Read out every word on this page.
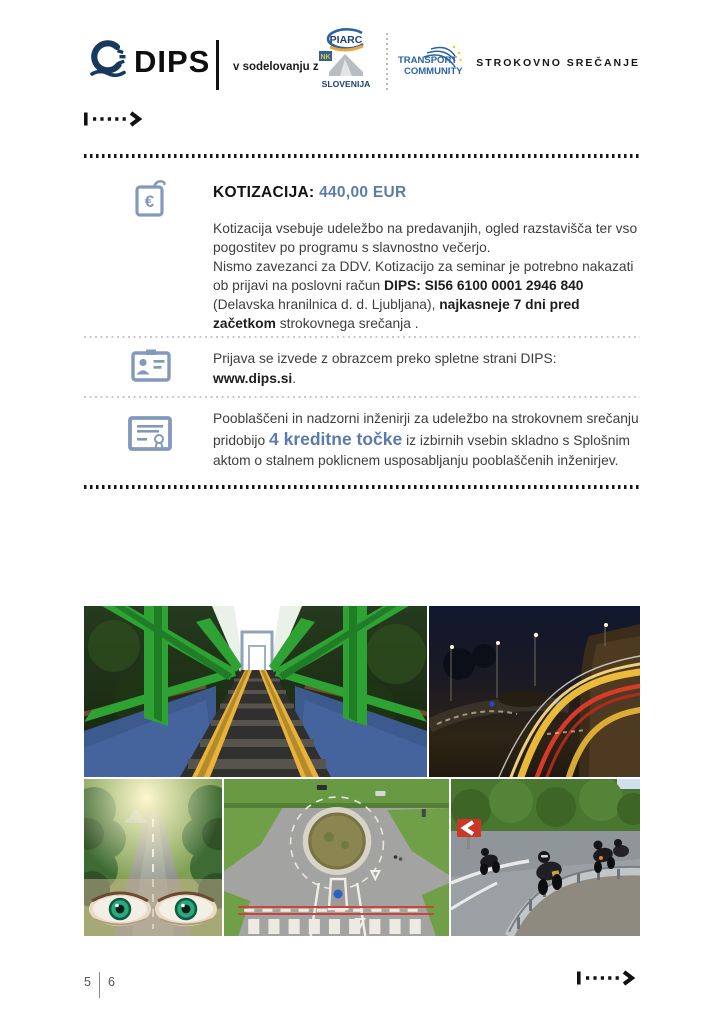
DIPS v sodelovanju z
PIARC
NK
SLOVENIJA
TRANSPORT
COMMUNITY
STROKOVNO SREČANJE
€	KOTIZACIJA: 440,00 EUR

Kotizacija vsebuje udeležbo na predavanjih, ogled razstavišča ter vso pogostitev po programu s slavnostno večerjo.

Nismo zavezanci za DDV. Kotizacijo za seminar je potrebno nakazati ob prijavi na poslovni račun DIPS: SI56 6100 0001 2946 840 (Delavska hranilnica d. d. Ljubljana), najkasneje 7 dni pred začetkom strokovnega srečanja .

Prijava se izvede z obrazcem preko spletne strani DIPS:
www.dips.si.

Pooblaščeni in nadzorni inženirji za udeležbo na strokovnem srečanju pridobijo 4 kreditne točke iz izbirnih vsebin skladno s Splošnim aktom o stalnem poklicnem usposabljanju pooblaščenih inženirjev.

5 6
